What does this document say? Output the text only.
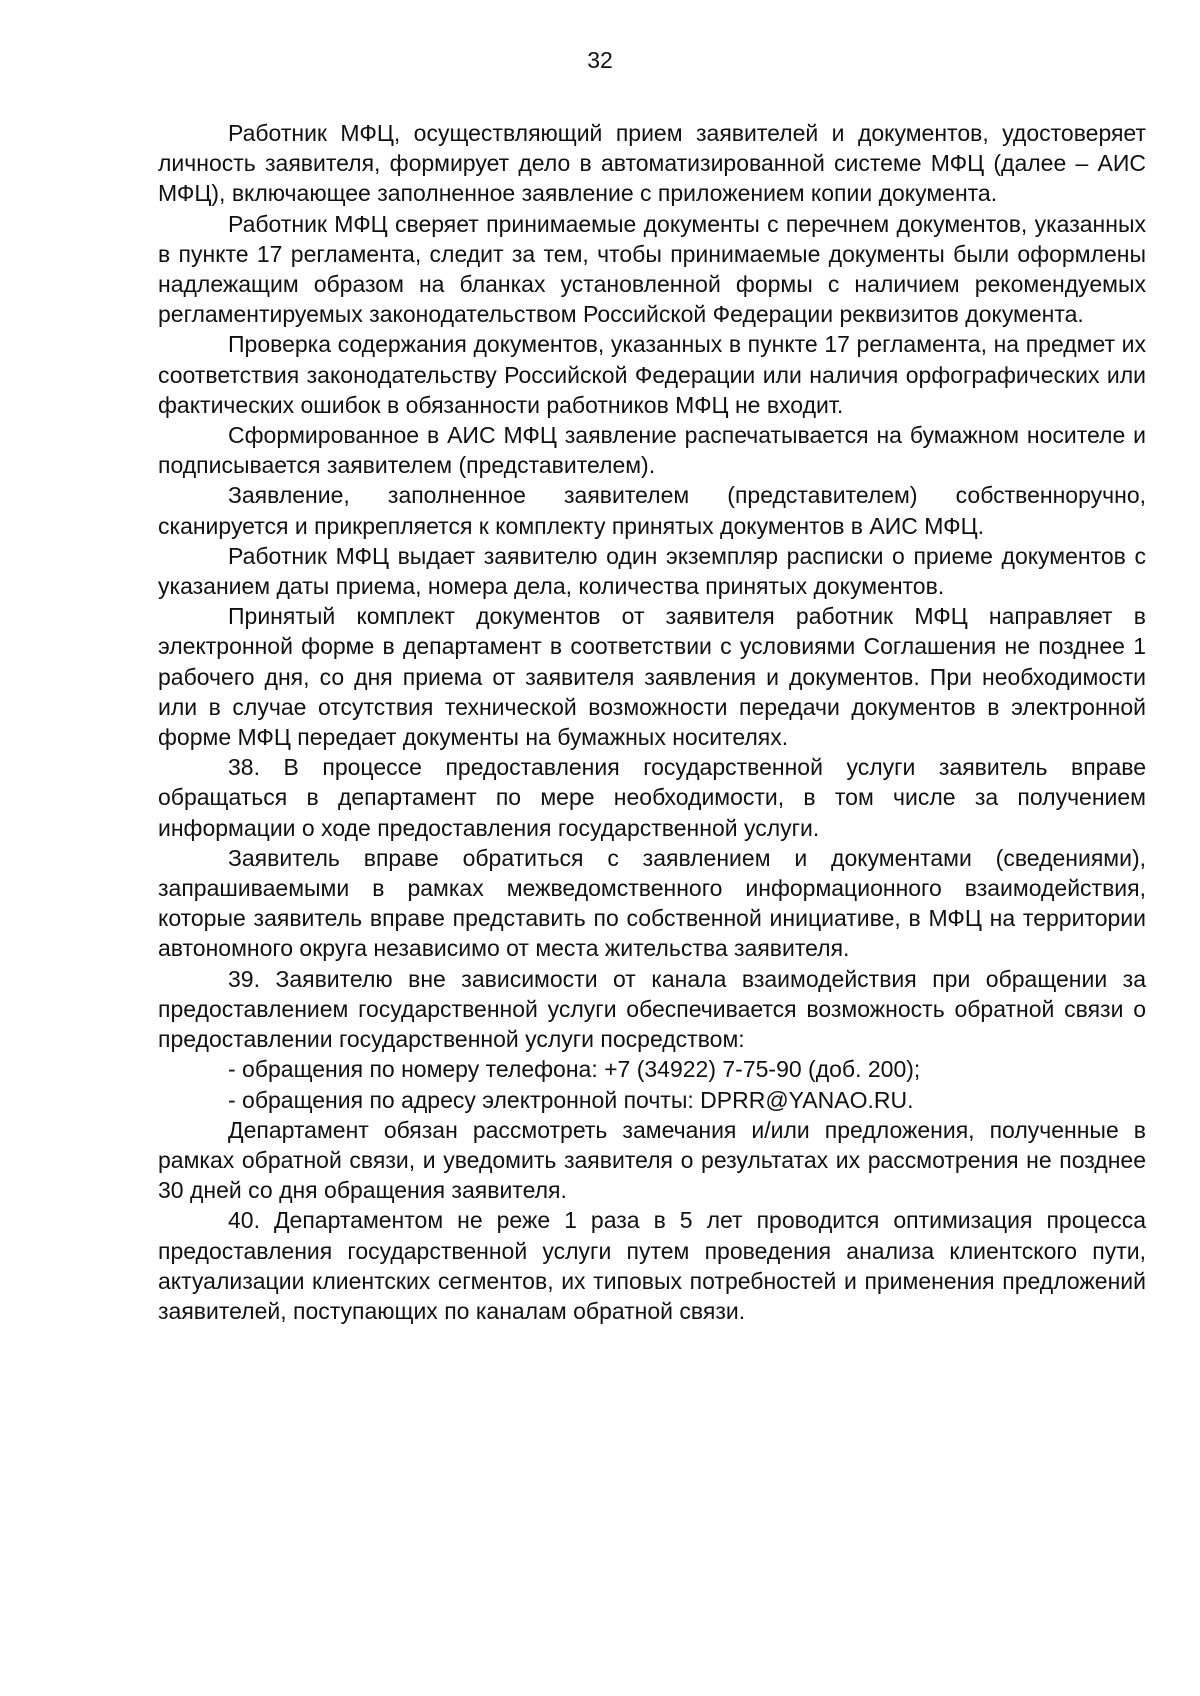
32

Работник МФЦ, осуществляющий прием заявителей и документов, удостоверяет личность заявителя, формирует дело в автоматизированной системе МФЦ (далее – АИС МФЦ), включающее заполненное заявление с приложением копии документа.

Работник МФЦ сверяет принимаемые документы с перечнем документов, указанных в пункте 17 регламента, следит за тем, чтобы принимаемые документы были оформлены надлежащим образом на бланках установленной формы с наличием рекомендуемых регламентируемых законодательством Российской Федерации реквизитов документа.

Проверка содержания документов, указанных в пункте 17 регламента, на предмет их соответствия законодательству Российской Федерации или наличия орфографических или фактических ошибок в обязанности работников МФЦ не входит.

Сформированное в АИС МФЦ заявление распечатывается на бумажном носителе и подписывается заявителем (представителем).

Заявление, заполненное заявителем (представителем) собственноручно, сканируется и прикрепляется к комплекту принятых документов в АИС МФЦ.

Работник МФЦ выдает заявителю один экземпляр расписки о приеме документов с указанием даты приема, номера дела, количества принятых документов.

Принятый комплект документов от заявителя работник МФЦ направляет в электронной форме в департамент в соответствии с условиями Соглашения не позднее 1 рабочего дня, со дня приема от заявителя заявления и документов. При необходимости или в случае отсутствия технической возможности передачи документов в электронной форме МФЦ передает документы на бумажных носителях.

38. В процессе предоставления государственной услуги заявитель вправе обращаться в департамент по мере необходимости, в том числе за получением информации о ходе предоставления государственной услуги.

Заявитель вправе обратиться с заявлением и документами (сведениями), запрашиваемыми в рамках межведомственного информационного взаимодействия, которые заявитель вправе представить по собственной инициативе, в МФЦ на территории автономного округа независимо от места жительства заявителя.

39. Заявителю вне зависимости от канала взаимодействия при обращении за предоставлением государственной услуги обеспечивается возможность обратной связи о предоставлении государственной услуги посредством:

- обращения по номеру телефона: +7 (34922) 7-75-90 (доб. 200);

- обращения по адресу электронной почты: DPRR@YANAO.RU.

Департамент обязан рассмотреть замечания и/или предложения, полученные в рамках обратной связи, и уведомить заявителя о результатах их рассмотрения не позднее 30 дней со дня обращения заявителя.

40. Департаментом не реже 1 раза в 5 лет проводится оптимизация процесса предоставления государственной услуги путем проведения анализа клиентского пути, актуализации клиентских сегментов, их типовых потребностей и применения предложений заявителей, поступающих по каналам обратной связи.
